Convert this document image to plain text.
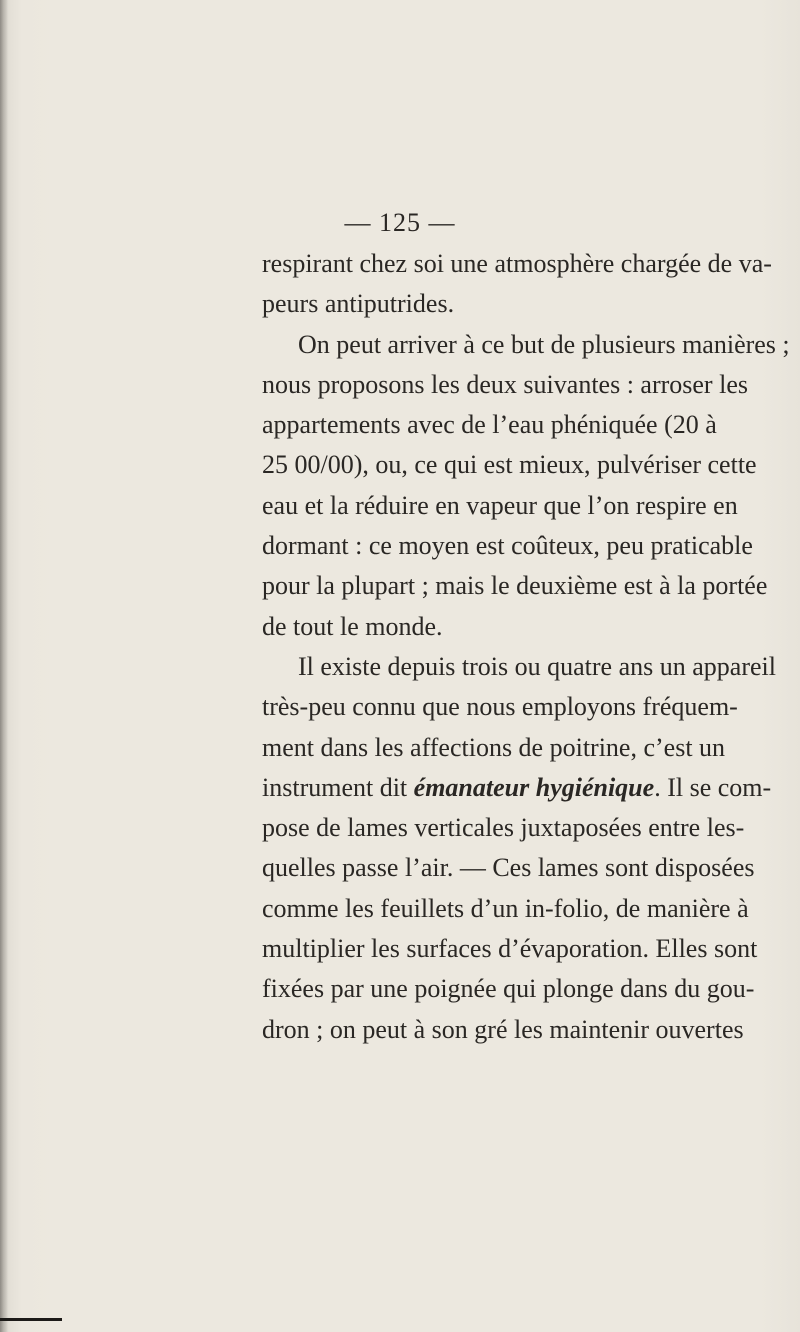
— 125 —
respirant chez soi une atmosphère chargée de va-
peurs antiputrides.
On peut arriver à ce but de plusieurs manières ;
nous proposons les deux suivantes : arroser les
appartements avec de l’eau phéniquée (20 à
25 00/00), ou, ce qui est mieux, pulvériser cette
eau et la réduire en vapeur que l’on respire en
dormant : ce moyen est coûteux, peu praticable
pour la plupart ; mais le deuxième est à la portée
de tout le monde.
Il existe depuis trois ou quatre ans un appareil
très-peu connu que nous employons fréquem-
ment dans les affections de poitrine, c’est un
instrument dit émanateur hygiénique. Il se com-
pose de lames verticales juxtaposées entre les-
quelles passe l’air. — Ces lames sont disposées
comme les feuillets d’un in-folio, de manière à
multiplier les surfaces d’évaporation. Elles sont
fixées par une poignée qui plonge dans du gou-
dron ; on peut à son gré les maintenir ouvertes
